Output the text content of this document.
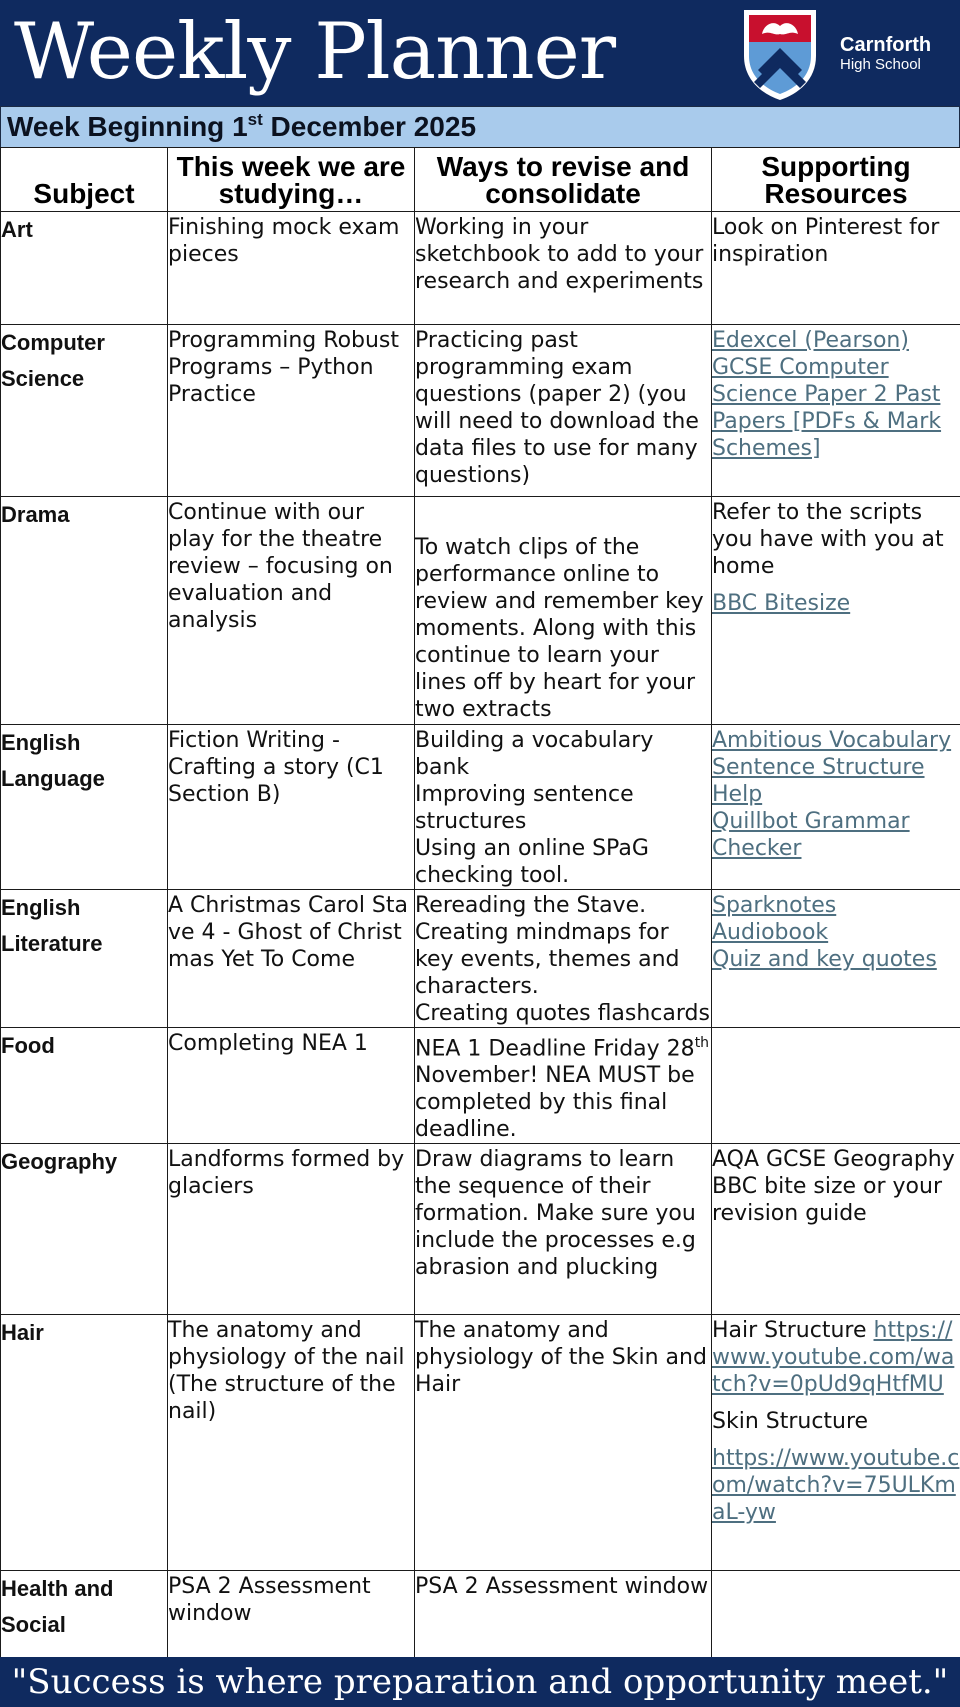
Weekly Planner	Carnforth
High School
Week Beginning 1st December 2025
Subject	This week we are studying…	Ways to revise and consolidate	Supporting Resources
Art	Finishing mock exam pieces	Working in your sketchbook to add to your research and experiments	Look on Pinterest for inspiration
Computer Science	Programming Robust Programs – Python Practice	Practicing past programming exam questions (paper 2) (you will need to download the data files to use for many questions)	Edexcel (Pearson) GCSE Computer Science Paper 2 Past Papers [PDFs & Mark Schemes]
Drama	Continue with our play for the theatre review – focusing on evaluation and analysis	To watch clips of the performance online to review and remember key moments. Along with this continue to learn your lines off by heart for your two extracts	Refer to the scripts you have with you at home
BBC Bitesize
English Language	Fiction Writing - Crafting a story (C1 Section B)	Building a vocabulary bank
Improving sentence structures
Using an online SPaG checking tool.	Ambitious Vocabulary
Sentence Structure Help
Quillbot Grammar Checker

English Literature	A Christmas Carol Stave 4 - Ghost of Christmas Yet To Come	Rereading the Stave.
Creating mindmaps for key events, themes and characters.
Creating quotes flashcards	Sparknotes
Audiobook
Quiz and key quotes

Food	Completing NEA 1	NEA 1 Deadline Friday 28th November! NEA MUST be completed by this final deadline.	
Geography	Landforms formed by glaciers	Draw diagrams to learn the sequence of their formation. Make sure you include the processes e.g abrasion and plucking	AQA GCSE Geography BBC bite size or your revision guide
Hair	The anatomy and physiology of the nail (The structure of the nail)	The anatomy and physiology of the Skin and Hair	Hair Structure https://www.youtube.com/watch?v=0pUd9qHtfMU
Skin Structure
https://www.youtube.com/watch?v=75ULKmaL-yw
Health and Social	PSA 2 Assessment window	PSA 2 Assessment window	
"Success is where preparation and opportunity meet."
